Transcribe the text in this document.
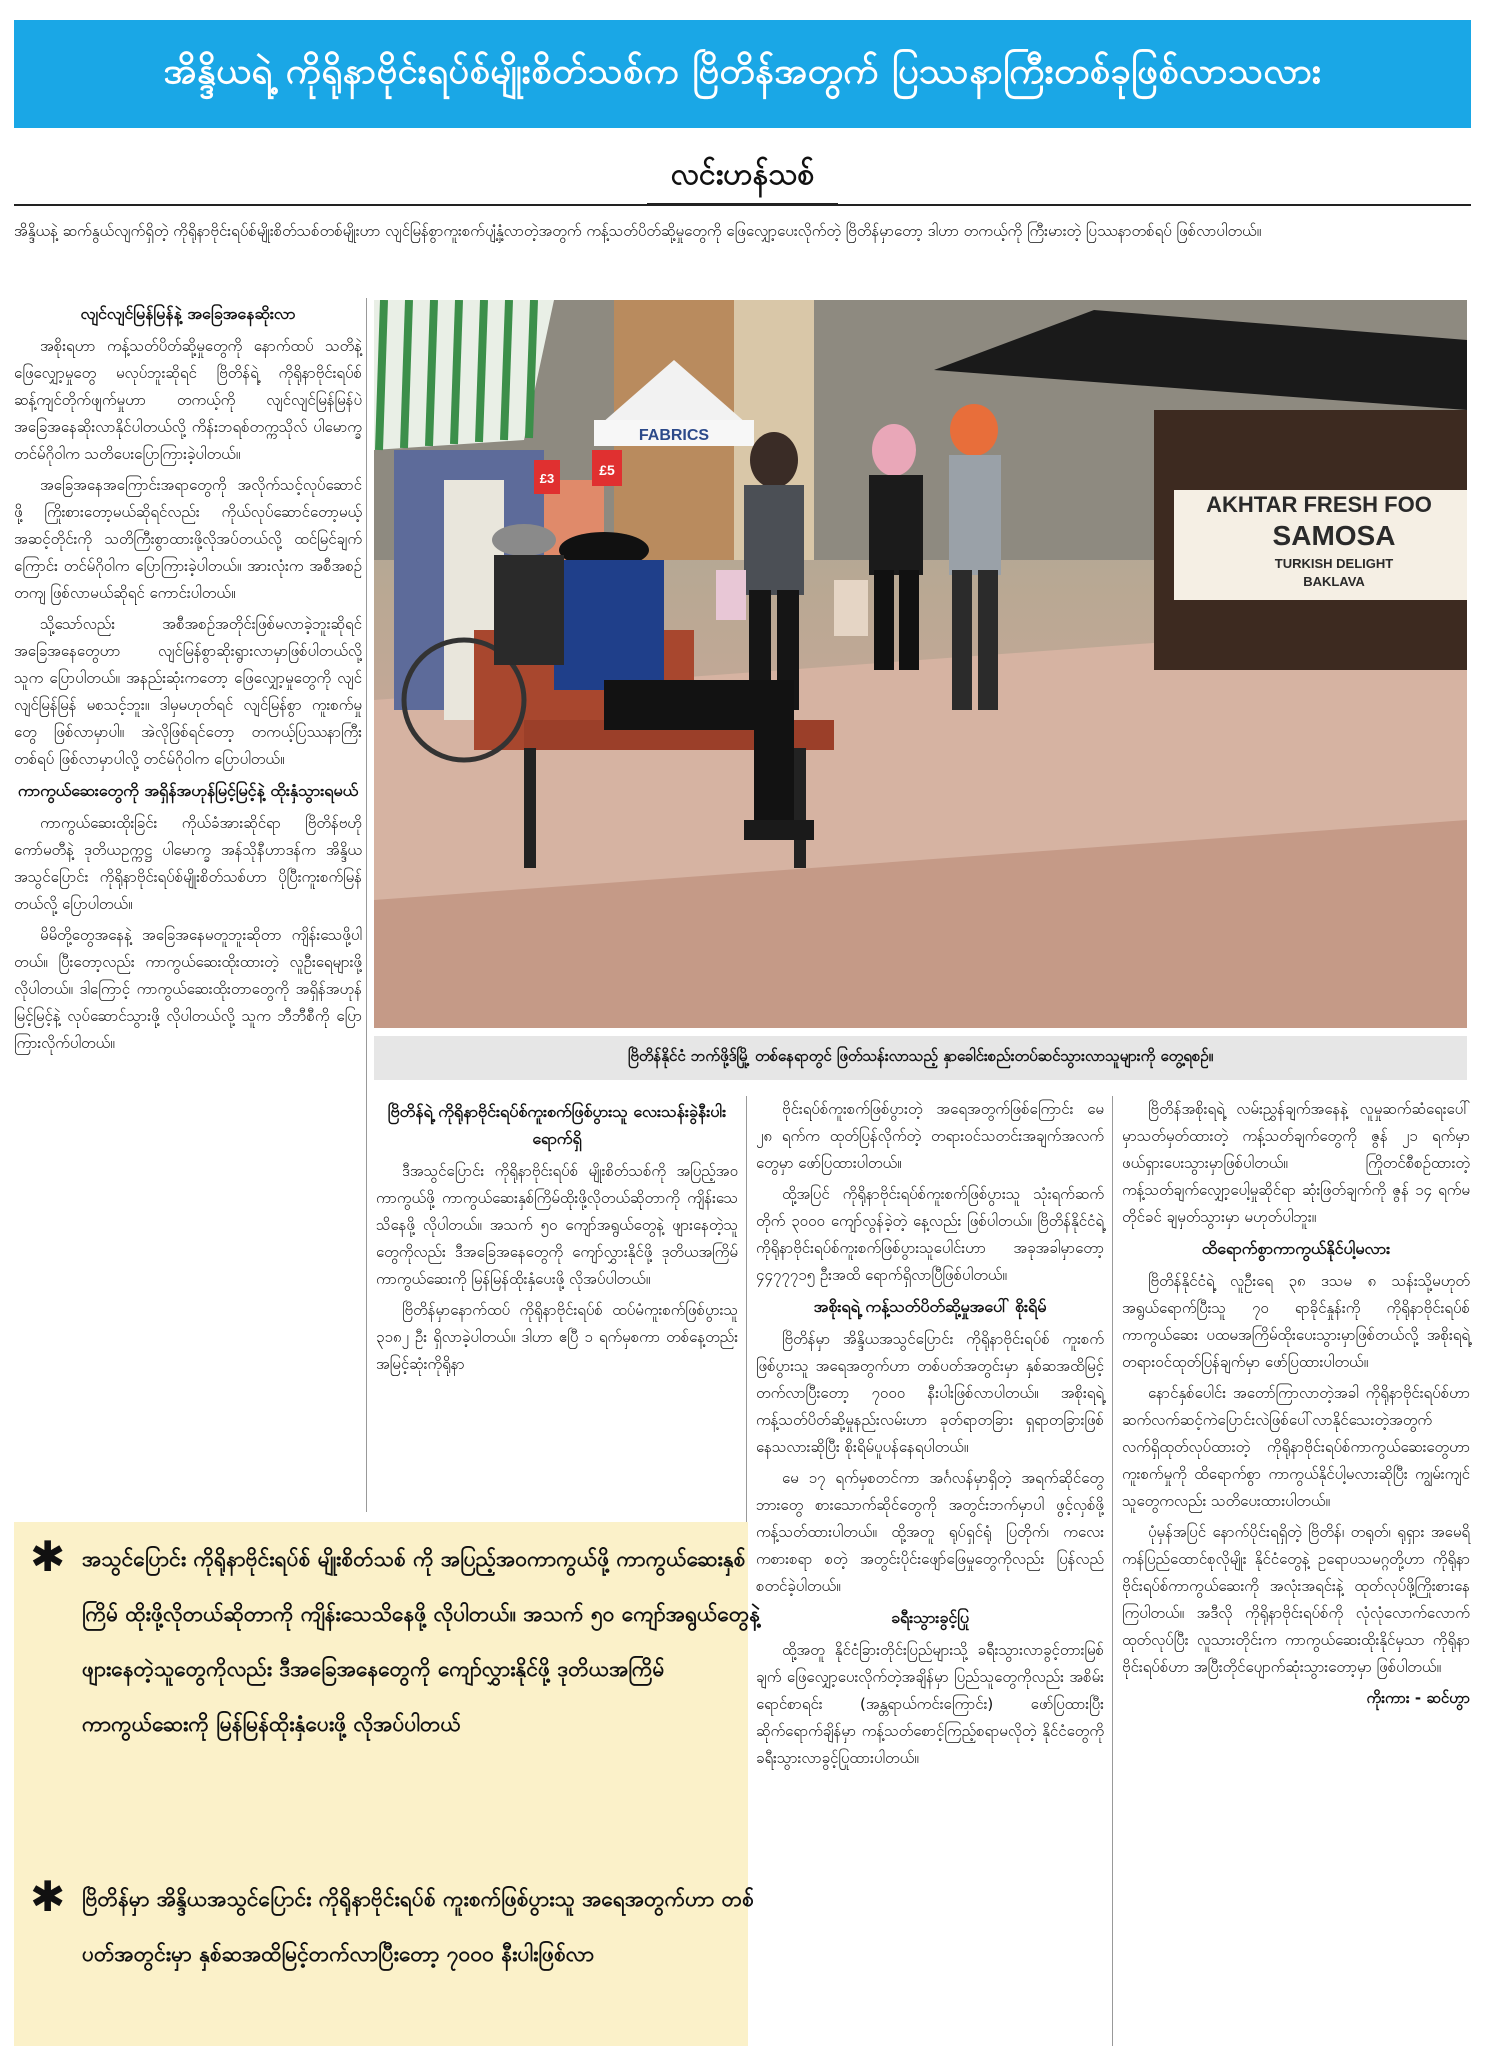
အိန္ဒိယရဲ့ ကိုရိုနာဗိုင်းရပ်စ်မျိုးစိတ်သစ်က ဗြိတိန်အတွက် ပြဿနာကြီးတစ်ခုဖြစ်လာသလား
လင်းဟန်သစ်
အိန္ဒိယနဲ့ ဆက်နွယ်လျက်ရှိတဲ့ ကိုရိုနာဗိုင်းရပ်စ်မျိုးစိတ်သစ်တစ်မျိုးဟာ လျင်မြန်စွာကူးစက်ပျံ့နှံ့လာတဲ့အတွက် ကန့်သတ်ပိတ်ဆို့မှုတွေကို ဖြေလျှော့ပေးလိုက်တဲ့ ဗြိတိန်မှာတော့ ဒါဟာ တကယ့်ကို ကြီးမားတဲ့ ပြဿနာတစ်ရပ် ဖြစ်လာပါတယ်။
FABRICS
£3
£5
AKHTAR FRESH FOO
SAMOSA
TURKISH DELIGHT
BAKLAVA
ဗြိတိန်နိုင်ငံ ဘက်ဖို့ဒ်မြို့ တစ်နေရာတွင် ဖြတ်သန်းလာသည့် နှာခေါင်းစည်းတပ်ဆင်သွားလာသူများကို တွေ့ရစဉ်။
လျင်လျင်မြန်မြန်နဲ့ အခြေအနေဆိုးလာ

အစိုးရဟာ ကန့်သတ်ပိတ်ဆို့မှုတွေကို နောက်ထပ် သတိနဲ့ ဖြေလျှော့မှုတွေ မလုပ်ဘူးဆိုရင် ဗြိတိန်ရဲ့ ကိုရိုနာဗိုင်းရပ်စ် ဆန့်ကျင်တိုက်ဖျက်မှုဟာ တကယ့်ကို လျင်လျင်မြန်မြန်ပဲ အခြေအနေဆိုးလာနိုင်ပါတယ်လို့ ကိန်းဘရစ်တက္ကသိုလ် ပါမောက္ခ တင်မ်ဂိုဝါက သတိပေးပြောကြားခဲ့ပါတယ်။

အခြေအနေအကြောင်းအရာတွေကို အလိုက်သင့်လုပ်ဆောင်ဖို့ ကြိုးစားတော့မယ်ဆိုရင်လည်း ကိုယ်လုပ်ဆောင်တော့မယ့် အဆင့်တိုင်းကို သတိကြီးစွာထားဖို့လိုအပ်တယ်လို့ ထင်မြင်ချက်ကြောင်း တင်မ်ဂိုဝါက ပြောကြားခဲ့ပါတယ်။ အားလုံးက အစီအစဉ်တကျ ဖြစ်လာမယ်ဆိုရင် ကောင်းပါတယ်။

သို့သော်လည်း အစီအစဉ်အတိုင်းဖြစ်မလာခဲ့ဘူးဆိုရင် အခြေအနေတွေဟာ လျင်မြန်စွာဆိုးရွားလာမှာဖြစ်ပါတယ်လို့ သူက ပြောပါတယ်။ အနည်းဆုံးကတော့ ဖြေလျှော့မှုတွေကို လျင်လျင်မြန်မြန် မစသင့်ဘူး။ ဒါမှမဟုတ်ရင် လျင်မြန်စွာ ကူးစက်မှုတွေ ဖြစ်လာမှာပါ။ အဲလိုဖြစ်ရင်တော့ တကယ့်ပြဿနာကြီးတစ်ရပ် ဖြစ်လာမှာပါလို့ တင်မ်ဂိုဝါက ပြောပါတယ်။

ကာကွယ်ဆေးတွေကို အရှိန်အဟုန်မြင့်မြင့်နဲ့ ထိုးနှံသွားရမယ်

ကာကွယ်ဆေးထိုးခြင်း ကိုယ်ခံအားဆိုင်ရာ ဗြိတိန်ဗဟိုကော်မတီနဲ့ ဒုတိယဥက္ကဋ္ဌ ပါမောက္ခ အန်သိုနီဟာဒန်က အိန္ဒိယအသွင်ပြောင်း ကိုရိုနာဗိုင်းရပ်စ်မျိုးစိတ်သစ်ဟာ ပိုပြီးကူးစက်မြန်တယ်လို့ ပြောပါတယ်။

မိမိတို့တွေအနေနဲ့ အခြေအနေမတူဘူးဆိုတာ ကျိန်းသေဖို့ပါတယ်။ ပြီးတော့လည်း ကာကွယ်ဆေးထိုးထားတဲ့ လူဦးရေများဖို့ လိုပါတယ်။ ဒါကြောင့် ကာကွယ်ဆေးထိုးတာတွေကို အရှိန်အဟုန်မြင့်မြင့်နဲ့ လုပ်ဆောင်သွားဖို့ လိုပါတယ်လို့ သူက ဘီဘီစီကို ပြောကြားလိုက်ပါတယ်။

ဗြိတိန်ရဲ့ ကိုရိုနာဗိုင်းရပ်စ်ကူးစက်ဖြစ်ပွားသူ လေးသန်းခွဲနီးပါးရောက်ရှိ

ဒီအသွင်ပြောင်း ကိုရိုနာဗိုင်းရပ်စ် မျိုးစိတ်သစ်ကို အပြည့်အဝကာကွယ်ဖို့ ကာကွယ်ဆေးနှစ်ကြိမ်ထိုးဖို့လိုတယ်ဆိုတာကို ကျိန်းသေသိနေဖို့ လိုပါတယ်။ အသက် ၅၀ ကျော်အရွယ်တွေနဲ့ ဖျားနေတဲ့သူတွေကိုလည်း ဒီအခြေအနေတွေကို ကျော်လွှားနိုင်ဖို့ ဒုတိယအကြိမ် ကာကွယ်ဆေးကို မြန်မြန်ထိုးနှံပေးဖို့ လိုအပ်ပါတယ်။

ဗြိတိန်မှာနောက်ထပ် ကိုရိုနာဗိုင်းရပ်စ် ထပ်မံကူးစက်ဖြစ်ပွားသူ ၃၁၈၂ ဦး ရှိလာခဲ့ပါတယ်။ ဒါဟာ ဧပြီ ၁ ရက်မှစကာ တစ်နေ့တည်း အမြင့်ဆုံးကိုရိုနာ

ဗိုင်းရပ်စ်ကူးစက်ဖြစ်ပွားတဲ့ အရေအတွက်ဖြစ်ကြောင်း မေ ၂၈ ရက်က ထုတ်ပြန်လိုက်တဲ့ တရားဝင်သတင်းအချက်အလက်တွေမှာ ဖော်ပြထားပါတယ်။

ထို့အပြင် ကိုရိုနာဗိုင်းရပ်စ်ကူးစက်ဖြစ်ပွားသူ သုံးရက်ဆက်တိုက် ၃၀၀၀ ကျော်လွန်ခဲ့တဲ့ နေ့လည်း ဖြစ်ပါတယ်။ ဗြိတိန်နိုင်ငံရဲ့ ကိုရိုနာဗိုင်းရပ်စ်ကူးစက်ဖြစ်ပွားသူပေါင်းဟာ အခုအခါမှာတော့ ၄၄၇၇၇၁၅ ဦးအထိ ရောက်ရှိလာပြီဖြစ်ပါတယ်။

အစိုးရရဲ့ ကန့်သတ်ပိတ်ဆို့မှုအပေါ် စိုးရိမ်

ဗြိတိန်မှာ အိန္ဒိယအသွင်ပြောင်း ကိုရိုနာဗိုင်းရပ်စ် ကူးစက်ဖြစ်ပွားသူ အရေအတွက်ဟာ တစ်ပတ်အတွင်းမှာ နှစ်ဆအထိမြင့်တက်လာပြီးတော့ ၇၀၀၀ နီးပါးဖြစ်လာပါတယ်။ အစိုးရရဲ့ ကန့်သတ်ပိတ်ဆို့မှုနည်းလမ်းဟာ ခုတ်ရာတခြား ရှရာတခြားဖြစ်နေသလားဆိုပြီး စိုးရိမ်ပူပန်နေရပါတယ်။

မေ ၁၇ ရက်မှစတင်ကာ အင်္ဂလန်မှာရှိတဲ့ အရက်ဆိုင်တွေ ဘားတွေ စားသောက်ဆိုင်တွေကို အတွင်းဘက်မှာပါ ဖွင့်လှစ်ဖို့ ကန့်သတ်ထားပါတယ်။ ထို့အတူ ရုပ်ရှင်ရုံ ပြတိုက်၊ ကလေးကစားစရာ စတဲ့ အတွင်းပိုင်းဖျော်ဖြေမှုတွေကိုလည်း ပြန်လည်စတင်ခဲ့ပါတယ်။

ခရီးသွားခွင့်ပြု

ထို့အတူ နိုင်ငံခြားတိုင်းပြည်များသို့ ခရီးသွားလာခွင့်တားမြစ်ချက် ဖြေလျှော့ပေးလိုက်တဲ့အချိန်မှာ ပြည်သူတွေကိုလည်း အစိမ်းရောင်စာရင်း (အန္တရာယ်ကင်းကြောင်း) ဖော်ပြထားပြီး ဆိုက်ရောက်ချိန်မှာ ကန့်သတ်စောင့်ကြည့်စရာမလိုတဲ့ နိုင်ငံတွေကိုခရီးသွားလာခွင့်ပြုထားပါတယ်။

ဗြိတိန်အစိုးရရဲ့ လမ်းညွှန်ချက်အနေနဲ့ လူမှုဆက်ဆံရေးပေါ်မှာသတ်မှတ်ထားတဲ့ ကန့်သတ်ချက်တွေကို ဇွန် ၂၁ ရက်မှာ ဖယ်ရှားပေးသွားမှာဖြစ်ပါတယ်။ ကြိုတင်စီစဉ်ထားတဲ့ ကန့်သတ်ချက်လျှော့ပေါ့မှုဆိုင်ရာ ဆုံးဖြတ်ချက်ကို ဇွန် ၁၄ ရက်မတိုင်ခင် ချမှတ်သွားမှာ မဟုတ်ပါဘူး။

ထိရောက်စွာကာကွယ်နိုင်ပါ့မလား

ဗြိတိန်နိုင်ငံရဲ့ လူဦးရေ ၃၈ ဒသမ ၈ သန်းသို့မဟုတ် အရွယ်ရောက်ပြီးသူ ၇၀ ရာခိုင်နှုန်းကို ကိုရိုနာဗိုင်းရပ်စ်ကာကွယ်ဆေး ပထမအကြိမ်ထိုးပေးသွားမှာဖြစ်တယ်လို့ အစိုးရရဲ့ တရားဝင်ထုတ်ပြန်ချက်မှာ ဖော်ပြထားပါတယ်။

နောင်နှစ်ပေါင်း အတော်ကြာလာတဲ့အခါ ကိုရိုနာဗိုင်းရပ်စ်ဟာ ဆက်လက်ဆင့်ကဲပြောင်းလဲဖြစ်ပေါ်လာနိုင်သေးတဲ့အတွက် လက်ရှိထုတ်လုပ်ထားတဲ့ ကိုရိုနာဗိုင်းရပ်စ်ကာကွယ်ဆေးတွေဟာ ကူးစက်မှုကို ထိရောက်စွာ ကာကွယ်နိုင်ပါ့မလားဆိုပြီး ကျွမ်းကျင်သူတွေကလည်း သတိပေးထားပါတယ်။

ပုံမှန်အပြင် နောက်ပိုင်းရရှိတဲ့ ဗြိတိန်၊ တရုတ်၊ ရုရှား အမေရိကန်ပြည်ထောင်စုလိုမျိုး နိုင်ငံတွေနဲ့ ဥရောပသမဂ္ဂတို့ဟာ ကိုရိုနာဗိုင်းရပ်စ်ကာကွယ်ဆေးကို အလုံးအရင်းနဲ့ ထုတ်လုပ်ဖို့ကြိုးစားနေကြပါတယ်။ အဒီလို ကိုရိုနာဗိုင်းရပ်စ်ကို လုံလုံလောက်လောက်ထုတ်လုပ်ပြီး လူသားတိုင်းက ကာကွယ်ဆေးထိုးနိုင်မှသာ ကိုရိုနာဗိုင်းရပ်စ်ဟာ အပြီးတိုင်ပျောက်ဆုံးသွားတော့မှာ ဖြစ်ပါတယ်။

ကိုးကား - ဆင်ဟွာ

✱ အသွင်ပြောင်း ကိုရိုနာဗိုင်းရပ်စ် မျိုးစိတ်သစ် ကို အပြည့်အဝကာကွယ်ဖို့ ကာကွယ်ဆေးနှစ်ကြိမ် ထိုးဖို့လိုတယ်ဆိုတာကို ကျိန်းသေသိနေဖို့ လိုပါတယ်။ အသက် ၅၀ ကျော်အရွယ်တွေနဲ့ ဖျားနေတဲ့သူတွေကိုလည်း ဒီအခြေအနေတွေကို ကျော်လွှားနိုင်ဖို့ ဒုတိယအကြိမ် ကာကွယ်ဆေးကို မြန်မြန်ထိုးနှံပေးဖို့ လိုအပ်ပါတယ်
✱ ဗြိတိန်မှာ အိန္ဒိယအသွင်ပြောင်း ကိုရိုနာဗိုင်းရပ်စ် ကူးစက်ဖြစ်ပွားသူ အရေအတွက်ဟာ တစ်ပတ်အတွင်းမှာ နှစ်ဆအထိမြင့်တက်လာပြီးတော့ ၇၀၀၀ နီးပါးဖြစ်လာ
